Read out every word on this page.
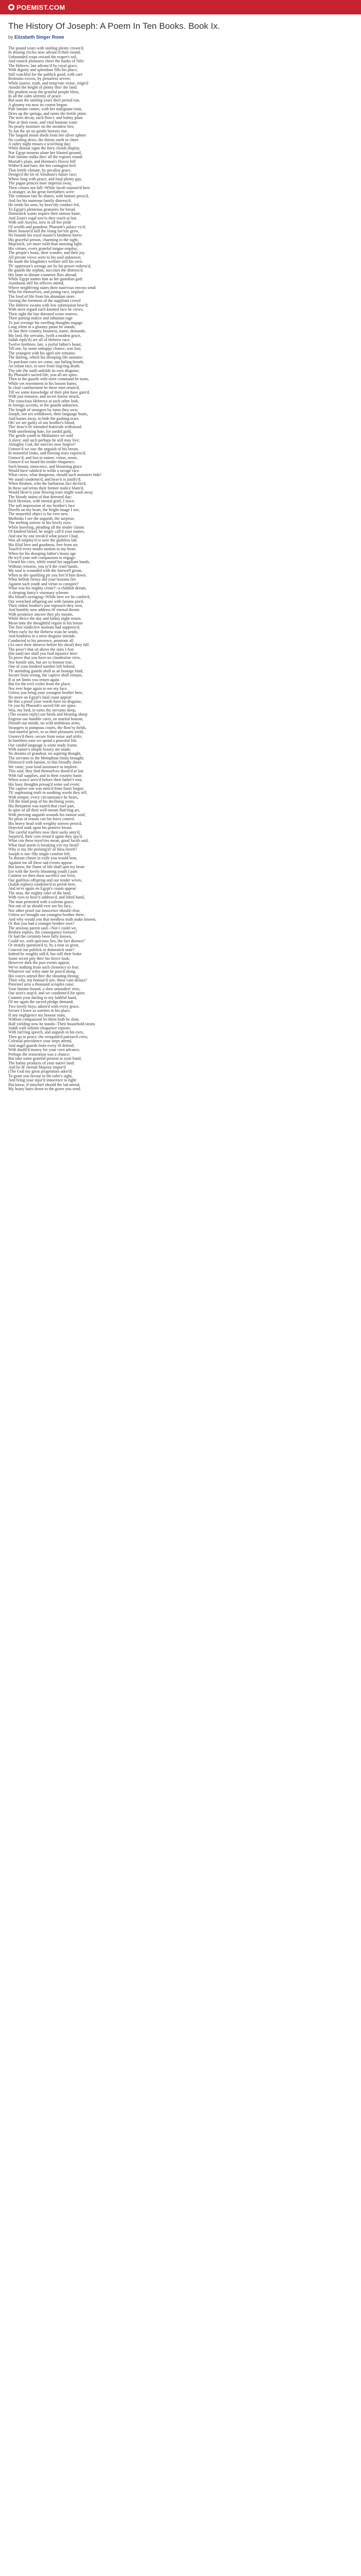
POEMIST.COM
The History Of Joseph: A Poem In Ten Books. Book Ix.

by Elizabeth Singer Rowe

The pound years with smiling plenty crown'd,
In shining circles now advanc'd their round;
Unbounded crops reward the reaper's toil,
And rustick pleasures cheer the banks of Nile:
The Hebrew, late advanc'd by royal grace,
With dignity and splendour fills his place;
Still watchful for the publick good, with care
Restrains excess, by penurless severe;
While justice, truth, and temp'rate virtue, reign'd
Amidst the height of plenty thro' the land:
His prudent sway the grateful people bless,
In all the calm serenity of peace.
But soon the smiling years their period run,
A gloomy era now its course begun:
Pale famine comes, with her malignant train,
Dries up the springs, and taints the fertile plain:
The trees decay, each flow'r, and balmy plant
Pine at their roots, and vital humour want:
No pearly moisture on the meadow lies;
To fan the air no gentle breezes rise.
The languid moon sheds from her silver sphere
No cooling dews, the thirsty earth to cheer.
A sultry night ensues a scorching day;
While dismal signs the fiery clouds display.
Nor Egypt mourns alone her blasted ground,
Pale famine stalks thro' all the regions round:
Moriah's plain, and Hermon's flowry hill
Wither'd and bare, the hot contagion feel:
That fertile climate, by peculiar grace,
Design'd the lot of Abraham's future race;
Where long with peace, and fatal plenty gay,
The pagan princes bore imperial sway,
Their crimes not full--While Jacob sojourn'd here
A stranger, as his great forefathers were:
The common fate he shares, with famine press'd,
And for his numrous family distress'd.
He sends his sons, by heav'nly conduct led,
To Egypt's plenteous granaries for bread.
Domestick wants require their utmost haste,
And Zoan's regal tow'rs they reach at last.
With soft Assyria, now in all her pride
Of wealth and grandeur, Pharaoh's palace vy'd:
More honour'd still the rising fav'rite grew,
No bounds his royal master's kindness knew:
His graceful person, charming to the sight,
Majestick, yet more mild than morning light:
His virtues, every grateful tongue employ,
The people's boast, their wonder, and their joy.
All private views were to his soul unknown;
He made the kingdom's welfare still his own:
Th' oppressor's wrongs are by his power redress'd,
He guards the orphan, succours the distress'd.
His fame to distant countries flies abroad,
While Egypt names him as her guardian god:
Assiduous still his officers attend,
Where neighb'ring states their num'rous envoys send:
Who for themselves, and pining race, implore
The food of life from his abundant store.
Among the foremost of the suppliant crowd
The Hebrew swains with low submission bow'd;
With stern regard each knotted face he views,
Their sight the late detested scene renews:
Their parting malice and inhuman rage
To just revenge his swelling thoughts engage.
Long silent in a gloomy pause he stands;
At last their country, business, name, demands.
My lord, thy servants, (with a modest grace,
Judah reply'd) are all of Hebrew race;
Twelve brethren, late, a joyful father's boast,
Till one, by some unhappy chance, was lost;
The youngest with his aged sire remains:
The darling, which his drooping life sustains:
To purchase corn we come, our failing breath,
An infant race, to save from ling'ring death.
Thy tale (he said) unfolds its own disguise;
By Pharaoh's sacred life, you all are spies.
Then to the guards with stern command he turns,
While yet resentment in his bosom burns;
In close confinement be these men retain'd,
Till we some knowledge of their plot have gain'd.
With just remorse, and secret horror struck,
The conscious Hebrews at each other look.
In foreign accents, to the guards unknown,
The length of strangers by turns they own;
Joseph, not yet withdrawn, their language hears,
And hastes away, to hide the gushing tears.
Oh! we are guilty of our brother's blood,
Tho' heav'n th' intended fratricide withstood:
With unrelenting hate, for sordid gold,
The gentle youth to Midianites we sold
A slave; and such perhaps he still may live;
Almighty God, the mercies now forgive!
Unmov'd we saw the anguish of his breast,
In mournful looks, and flowing tears express'd;
Unmov'd, and lost to nature, virtue, sense,
Unmov'd we heard his tender eloquence.
Such beauty, innocence, and blooming grace
Would have subdu'd in wilds a savage race.
What caves, what dungeons, should such monsters hide!
We stand condemn'd; and heav'n is justify'd.
When Reuben, who the barbarous fact declin'd,
In these sad terms their former malice blam'd,
Would Heav'n your flowing tears might wash away
The bloody stains of that detested day:
Rich Hermon, with eternal grief, I trace;
The soft impression of my brother's face
Dwells on my heart, the bright image I see;
The mournful object is for ever new.
Methinks I see the anguish, the surprise,
The melting sorrow in his lovely eyes.
While kneeling, pleading all the tender claims
Of kindred blood, he singly call'd your names,
And one by one invok'd what power I had,
Was all employ'd to save the guiltless lad:
His filial love and goodness, free from art,
Touch'd every tender motion in my heart.
When for his drooping father's hoary age
He try'd your soft compassion to engage:
I heard his cries, while round his suppliant hands,
Without remorse, you ty'd the cruel bands;
My soul is wounded with the farewell groan,
When to the sparkling pit you forc'd him down.
What hellish frenzy did your bosoms fire
Against such youth and virtue to conspire?
What was his mighty crime?--a childish dream,
A sleeping fancy's visionary scheme:
His blood's avenging--While here we lie confin'd,
Our wretched offspring are with famine pin'd.
Their eldest brother's just reproach they own,
And humbly now address th' eternal throne.
With penitence sincere they ply mourn,
While thrice the day and balmy night return.
Mean time the thoughtful regent in his breast
The first vindictive motions had suppress'd.
When early for the Hebrew train he sends,
And kindness in a stern disguise intends:
Conducted to his presence, prostrate all
(As once their sheaves before his sheaf) they fall.
The powr'r that sit above the stars I fear
(He said) nor shall you find injustice here:
To prove that you have no clandestine view,
Nor hostile aim, but are to honour true,
One of your kindred number left behind,
Th' attending guards shall as an hostage bind;
Secure from wrong, the captive shall remain,
If at set limits you return again.
But for the ever exiles from the place,
Nor ever hope again to see my face,
Unless you bring your youngest brother here,
No more on Egypt's fatal coast appear:
Be this a proof your words have no disguise,
Or you by Pharaoh's sacred life are spies.
Was, my lord, in turns thy servants sleep,
(The swains reply) our herds and bleating sheep
Engross our humble cares, no martial honour,
Disturb our minds, no wild ambitious arms;
Strangers to pompous courts, the flow'ry fields,
And tuneful grove, to us their pleasures yield;
Unenvy'd there, secure from noise and strife,
In harmless ease we spend a peaceful life.
Our candid language is some study frame,
With nature's simple luxury are made;
No dreams of grandeur, no aspiring thought,
Thy servants to the Memphian limits brought;
Distress'd with famine, to this friendly shore
We came, your kind assistance to implore.
This said, they find themselves doom'd at last
With full supplies, and to their country haste.
When scarce arriv'd before their father's tent,
His busy thoughts presag'd some sad event;
The captive son was miss'd from fours forgot;
Th' unpleasing truth in soothing words they tell,
With temper, every circumstance he hears,
Till the fond prop of his declining years,
His Benjamin was nam'd-that cruel part,
In spite of all their well-meant flatt'ring art,
With piercing anguish wounds his inmost soul;
No pleas of reason can his force control.
His heavy head with weighty sorrow press'd,
Dejected sunk upon his pensive breast.
The careful traellers now their sacks unty'd,
Surpris'd, their coin restor'd again they spy'd.
What can these myst'ries mean, good Jacob said,
What fatal storm is breaking o'er my head?
Why is my life prolong'd? of bliss bereft?
Joseph is not--My single comfort left,
To distant climes in exile you would bear,
Against me all these sad events appear.
But know, the flame of life shall quit my heart
Ere with the lovely blooming youth I part:
Content we then must sacrifice our lives,
Our guiltless offspring and our tender wives,
(Judah replies) condemn'd to perish here,
And ne'er again on Egypt's coasts appear:
The man, the mighty ruler of the land,
With eyes to heav'n address'd, and lifted hand,
The man protested with a solemn grace,
Not one of us should ever see his face,
Nor other proof our innocence should clear,
Unless we brought our youngest brother there.
And why would you that needless truth make known,
Or that you had a younger brother own?
The anxious parent said.--Not I could we,
Reuben replies, the consequence foresee?
Or had the certainty been fully known,
Could we, with specious lies, the fact disown?
Or stratify question'd ty, by a man so great,
Conceal our publick or domestick state?
Indeed he roughly talk'd, but still their brake
Some secret pity thro' his fierce look;
However dark the past events appear,
We've nothing from such clemency to fear;
Whatever our witty state he pass'd along,
His voices attend thro' the shouting throng;
Their why, my honour'd sire, these vain delays?
Peterinel urns a thousand scruples raise;
Your famine-bound, a slow unmodest' tries,
Our sires's stop'd, and we condemn'd for spies:
Commit your darling to my faithful hand,
Of me again the sacred pledge demand;
Two lovely boys, adorn'd with every grace,
Secure I leave as sureties in his place,
If any negligence my honour stain,
Without compassion let them both be slain.
Half yielding now he stands--Their household straits
Judah with infinite eloquence repeats:
With fatl'ring speech, and anguish in his eyes,
Then go in peace, the venquish'd patriarch cries;
Celestial providence your steps attend,
And angel guards from every ill defend;
With doubl'd money for your corn advance,
Perhaps the restoration was a chance;
But take some grateful present in your hand,
The balmy products of your native land:
And be th' eternal Majesty impor'd
(The God my great progenitors ador'd)
To grant you favour in the ruler's sight,
And bring your injur'd innocence to light:
But know, if mischief should the lad attend,
My hoary hairs down to the grave you send.
